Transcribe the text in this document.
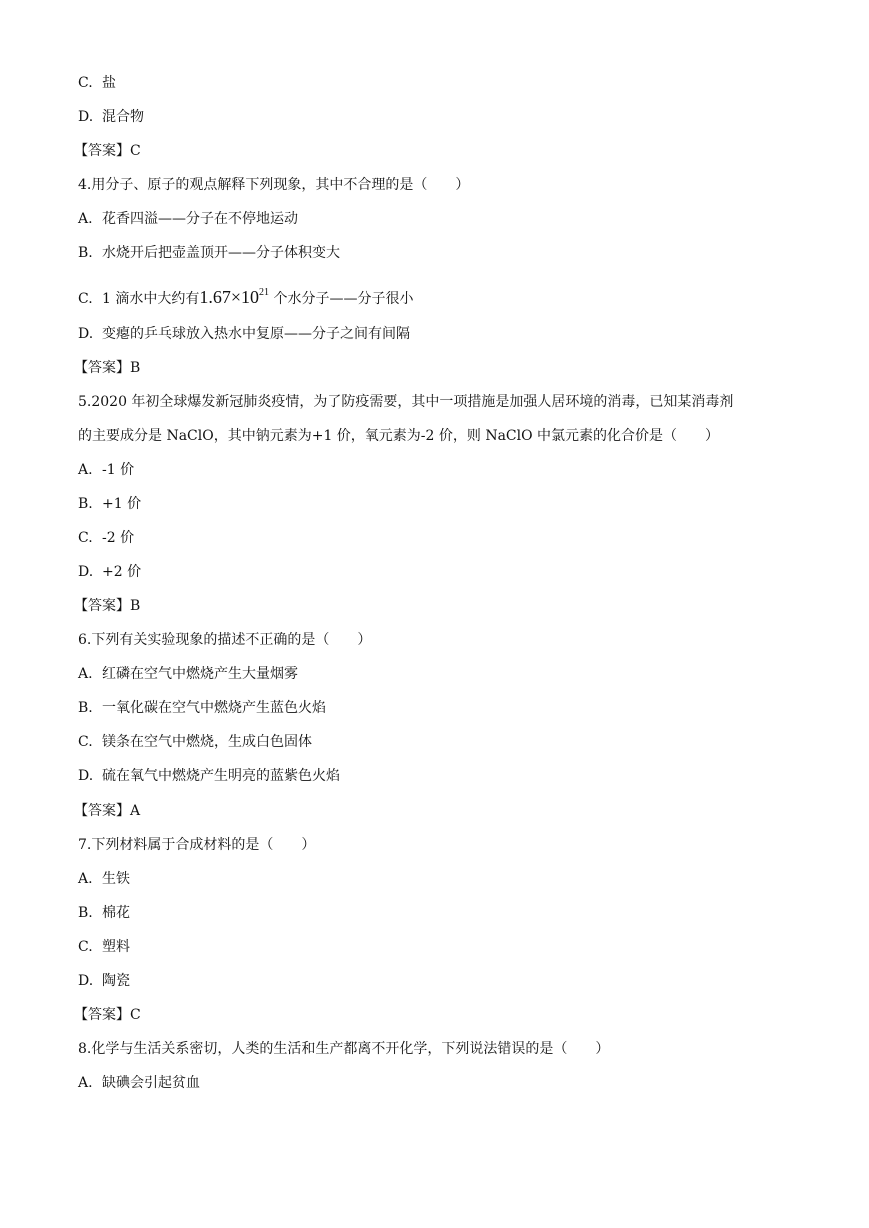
C. 盐
D. 混合物
【答案】C
4.用分子、原子的观点解释下列现象，其中不合理的是（　　）
A. 花香四溢——分子在不停地运动
B. 水烧开后把壶盖顶开——分子体积变大
C. 1 滴水中大约有$1.67\times 10^{21}$ 个水分子——分子很小
D. 变瘪的乒乓球放入热水中复原——分子之间有间隔
【答案】B
5.2020 年初全球爆发新冠肺炎疫情，为了防疫需要，其中一项措施是加强人居环境的消毒，已知某消毒剂
的主要成分是 NaClO，其中钠元素为+1 价，氧元素为-2 价，则 NaClO 中氯元素的化合价是（　　）
A. -1 价
B. +1 价
C. -2 价
D. +2 价
【答案】B
6.下列有关实验现象的描述不正确的是（　　）
A. 红磷在空气中燃烧产生大量烟雾
B. 一氧化碳在空气中燃烧产生蓝色火焰
C. 镁条在空气中燃烧，生成白色固体
D. 硫在氧气中燃烧产生明亮的蓝紫色火焰
【答案】A
7.下列材料属于合成材料的是（　　）
A. 生铁
B. 棉花
C. 塑料
D. 陶瓷
【答案】C
8.化学与生活关系密切，人类的生活和生产都离不开化学，下列说法错误的是（　　）
A. 缺碘会引起贫血
